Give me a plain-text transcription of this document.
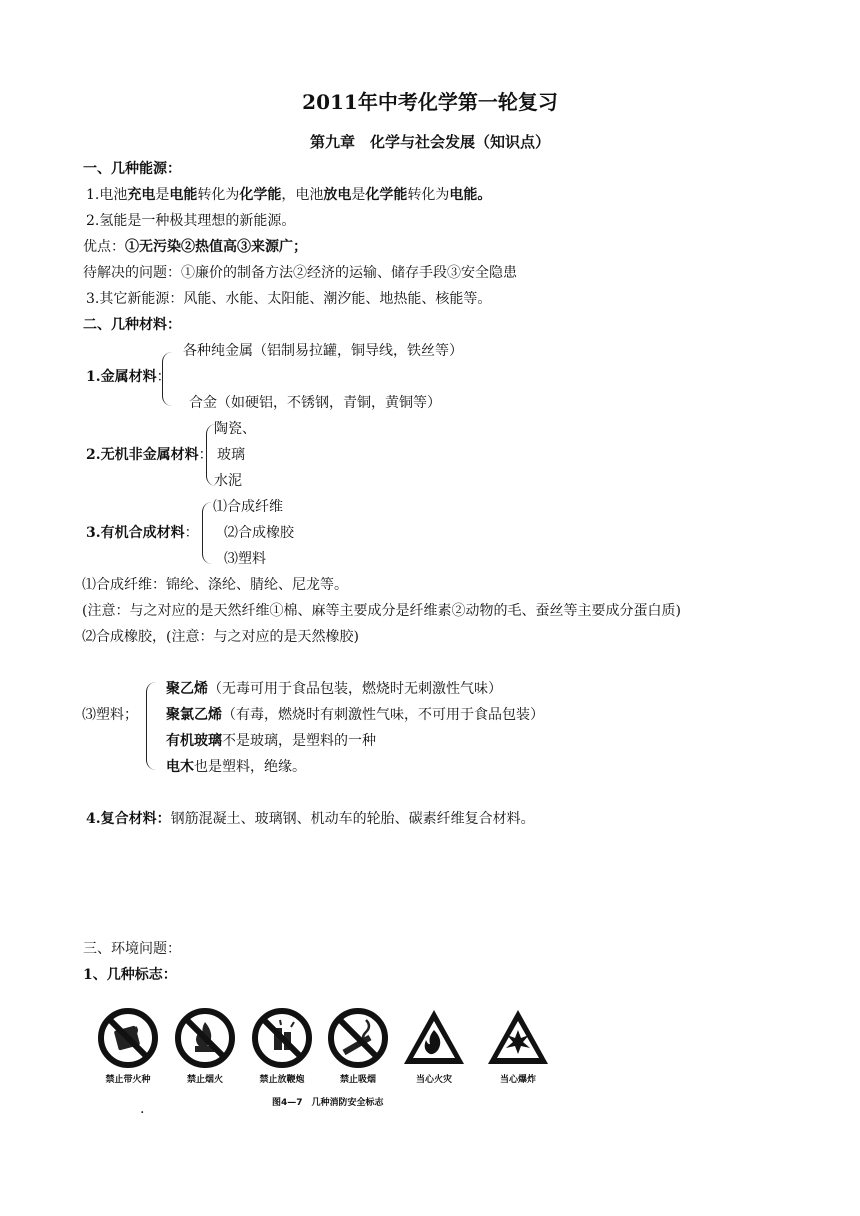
2011年中考化学第一轮复习
第九章　化学与社会发展（知识点）
一、几种能源：
1.电池充电是电能转化为化学能，电池放电是化学能转化为电能。
2.氢能是一种极其理想的新能源。
优点：①无污染②热值高③来源广；
待解决的问题：①廉价的制备方法②经济的运输、储存手段③安全隐患
3.其它新能源：风能、水能、太阳能、潮汐能、地热能、核能等。
二、几种材料：
1.金属材料：
各种纯金属（铝制易拉罐，铜导线，铁丝等）
合金（如硬铝，不锈钢，青铜，黄铜等）
2.无机非金属材料：
陶瓷、
玻璃
水泥
3.有机合成材料：
⑴合成纤维
⑵合成橡胶
⑶塑料
⑴合成纤维：锦纶、涤纶、腈纶、尼龙等。
(注意：与之对应的是天然纤维①棉、麻等主要成分是纤维素②动物的毛、蚕丝等主要成分蛋白质)
⑵合成橡胶，(注意：与之对应的是天然橡胶)
⑶塑料；
聚乙烯（无毒可用于食品包装，燃烧时无刺激性气味）
聚氯乙烯（有毒，燃烧时有刺激性气味，不可用于食品包装）
有机玻璃不是玻璃，是塑料的一种
电木也是塑料，绝缘。
4.复合材料：钢筋混凝土、玻璃钢、机动车的轮胎、碳素纤维复合材料。
三、环境问题：
1、几种标志：
禁止带火种	禁止烟火	禁止放鞭炮	禁止吸烟	当心火灾	当心爆炸
图4—7　几种消防安全标志
.
